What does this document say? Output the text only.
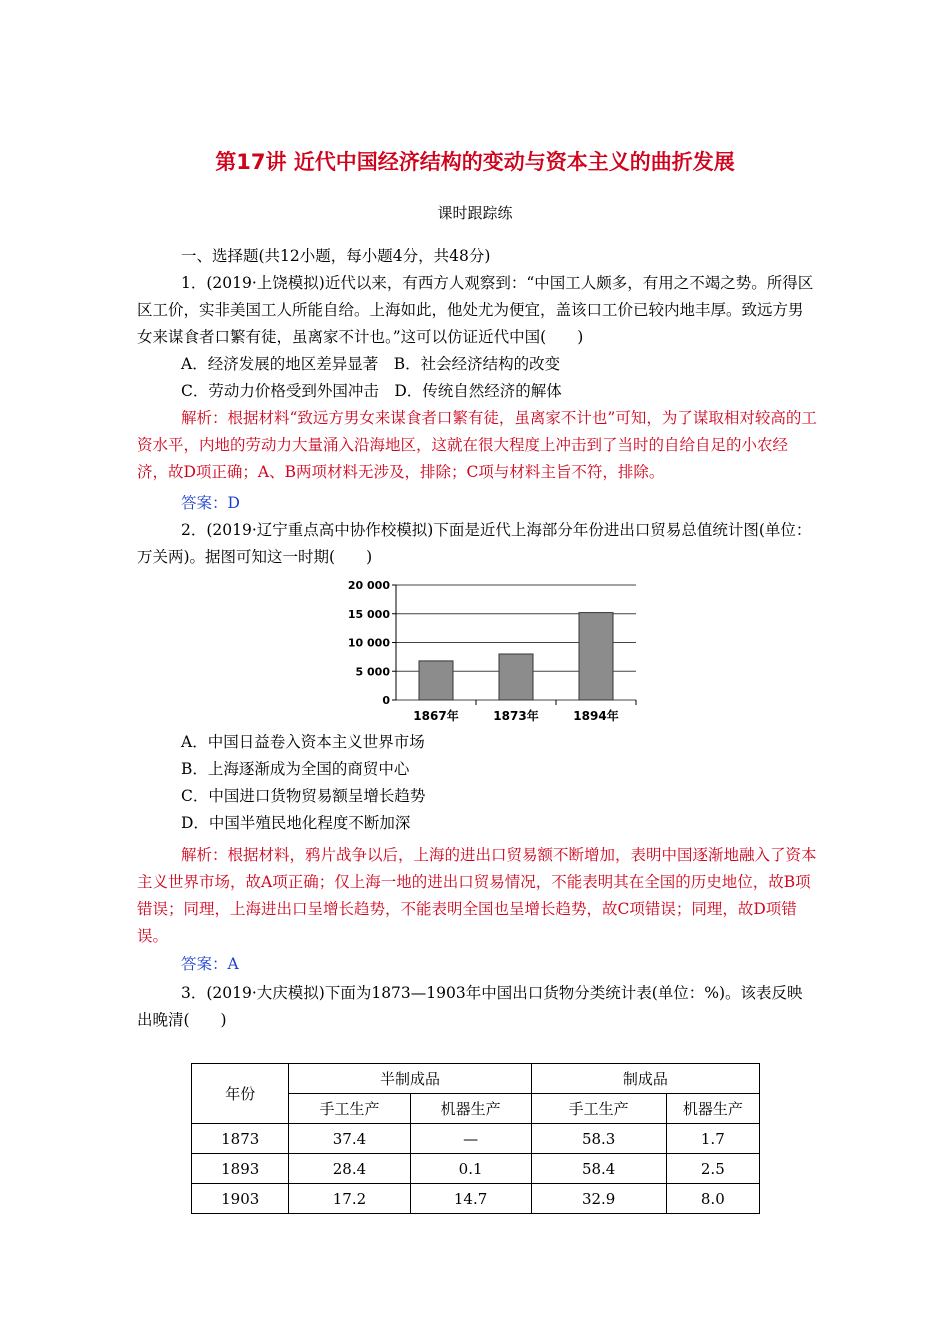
第17讲 近代中国经济结构的变动与资本主义的曲折发展
课时跟踪练

一、选择题(共12小题，每小题4分，共48分)

1．(2019·上饶模拟)近代以来，有西方人观察到：“中国工人颇多，有用之不竭之势。所得区区工价，实非美国工人所能自给。上海如此，他处尤为便宜，盖该口工价已较内地丰厚。致远方男女来谋食者口繁有徒，虽离家不计也。”这可以仿证近代中国(　　)

A．经济发展的地区差异显著　B．社会经济结构的改变

C．劳动力价格受到外国冲击　D．传统自然经济的解体

解析：根据材料“致远方男女来谋食者口繁有徒，虽离家不计也”可知，为了谋取相对较高的工资水平，内地的劳动力大量涌入沿海地区，这就在很大程度上冲击到了当时的自给自足的小农经济，故D项正确；A、B两项材料无涉及，排除；C项与材料主旨不符，排除。

答案：D

2．(2019·辽宁重点高中协作校模拟)下面是近代上海部分年份进出口贸易总值统计图(单位：万关两)。据图可知这一时期(　　)

0
5 000
10 000
15 000
20 000
1867年	1873年	1894年

A．中国日益卷入资本主义世界市场

B．上海逐渐成为全国的商贸中心

C．中国进口货物贸易额呈增长趋势

D．中国半殖民地化程度不断加深

解析：根据材料，鸦片战争以后，上海的进出口贸易额不断增加，表明中国逐渐地融入了资本主义世界市场，故A项正确；仅上海一地的进出口贸易情况，不能表明其在全国的历史地位，故B项错误；同理，上海进出口呈增长趋势，不能表明全国也呈增长趋势，故C项错误；同理，故D项错误。

答案：A

3．(2019·大庆模拟)下面为1873—1903年中国出口货物分类统计表(单位：%)。该表反映出晚清(　　)

年份	半制成品		制成品	
	手工生产	机器生产	手工生产	机器生产
1873	37.4	—	58.3	1.7
1893	28.4	0.1	58.4	2.5
1903	17.2	14.7	32.9	8.0
